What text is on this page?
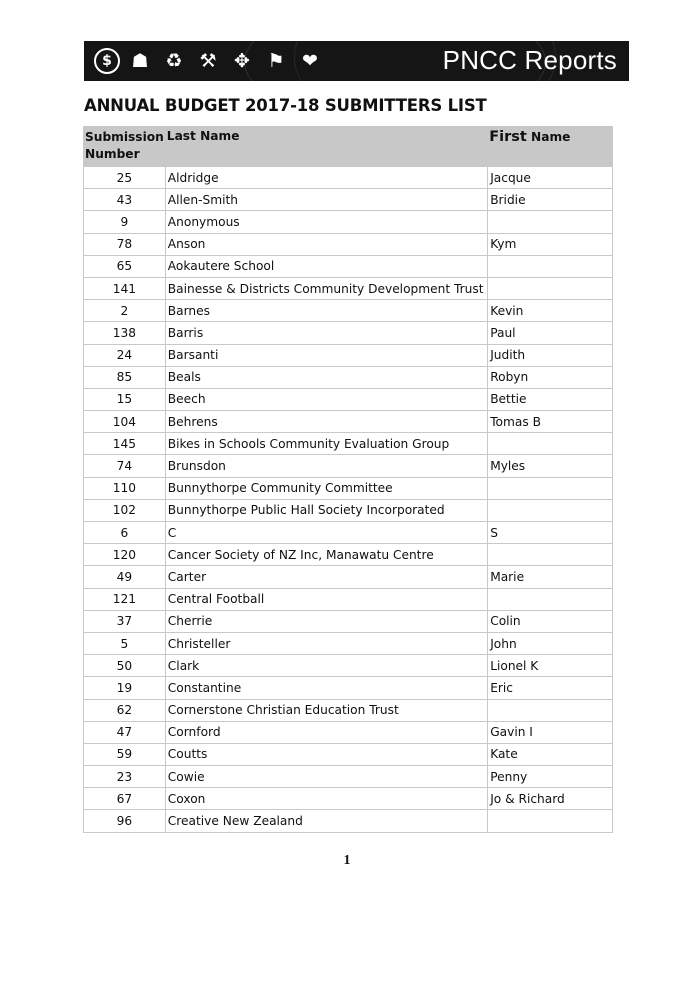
$	☗ ♻ ⚒ ✥ ⚑ ❤	PNCC Reports
ANNUAL BUDGET 2017-18 SUBMITTERS LIST
Submission
Number	Last Name	First Name
25	Aldridge	Jacque
43	Allen-Smith	Bridie
9	Anonymous	
78	Anson	Kym
65	Aokautere School	
141	Bainesse & Districts Community Development Trust	
2	Barnes	Kevin
138	Barris	Paul
24	Barsanti	Judith
85	Beals	Robyn
15	Beech	Bettie
104	Behrens	Tomas B
145	Bikes in Schools Community Evaluation Group	
74	Brunsdon	Myles
110	Bunnythorpe Community Committee	
102	Bunnythorpe Public Hall Society Incorporated	
6	C	S
120	Cancer Society of NZ Inc, Manawatu Centre	
49	Carter	Marie
121	Central Football	
37	Cherrie	Colin
5	Christeller	John
50	Clark	Lionel K
19	Constantine	Eric
62	Cornerstone Christian Education Trust	
47	Cornford	Gavin I
59	Coutts	Kate
23	Cowie	Penny
67	Coxon	Jo & Richard
96	Creative New Zealand	
1
